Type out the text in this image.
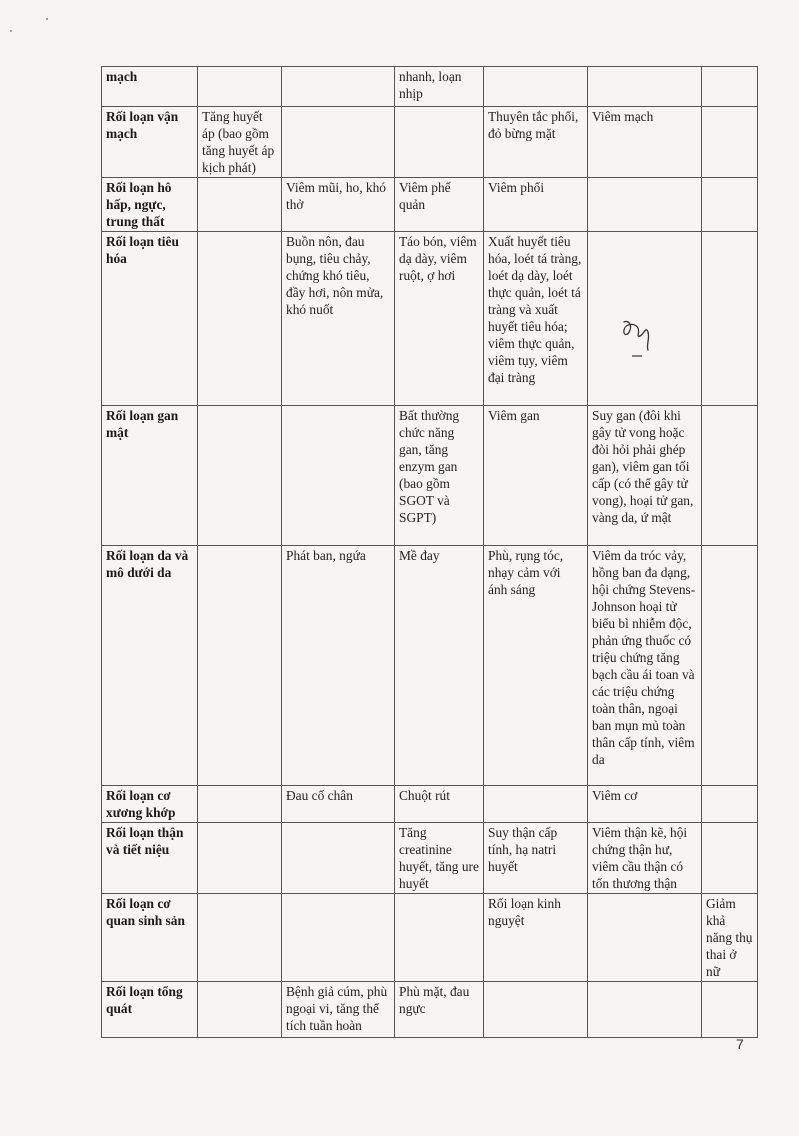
mạch			nhanh, loạn nhịp			
Rối loạn vận mạch	Tăng huyết áp (bao gồm tăng huyết áp kịch phát)			Thuyên tắc phổi, đỏ bừng mặt	Viêm mạch	
Rối loạn hô hấp, ngực, trung thất		Viêm mũi, ho, khó thở	Viêm phế quản	Viêm phổi		
Rối loạn tiêu hóa		Buồn nôn, đau bụng, tiêu chảy, chứng khó tiêu, đầy hơi, nôn mửa, khó nuốt	Táo bón, viêm dạ dày, viêm ruột, ợ hơi	Xuất huyết tiêu hóa, loét tá tràng, loét dạ dày, loét thực quản, loét tá tràng và xuất huyết tiêu hóa; viêm thực quản, viêm tụy, viêm đại tràng		
Rối loạn gan mật			Bất thường chức năng gan, tăng enzym gan (bao gồm SGOT và SGPT)	Viêm gan	Suy gan (đôi khi gây tử vong hoặc đòi hỏi phải ghép gan), viêm gan tối cấp (có thể gây tử vong), hoại tử gan, vàng da, ứ mật	
Rối loạn da và mô dưới da		Phát ban, ngứa	Mề đay	Phù, rụng tóc, nhạy cảm với ánh sáng	Viêm da tróc vảy, hồng ban đa dạng, hội chứng Stevens-Johnson hoại tử biểu bì nhiễm độc, phản ứng thuốc có triệu chứng tăng bạch cầu ái toan và các triệu chứng toàn thân, ngoại ban mụn mủ toàn thân cấp tính, viêm da	
Rối loạn cơ xương khớp		Đau cổ chân	Chuột rút		Viêm cơ	
Rối loạn thận và tiết niệu			Tăng creatinine huyết, tăng ure huyết	Suy thận cấp tính, hạ natri huyết	Viêm thận kẽ, hội chứng thận hư, viêm cầu thận có tổn thương thận	
Rối loạn cơ quan sinh sản				Rối loạn kinh nguyệt		Giảm khả năng thụ thai ở nữ
Rối loạn tổng quát		Bệnh giả cúm, phù ngoại vi, tăng thể tích tuần hoàn	Phù mặt, đau ngực			
7
